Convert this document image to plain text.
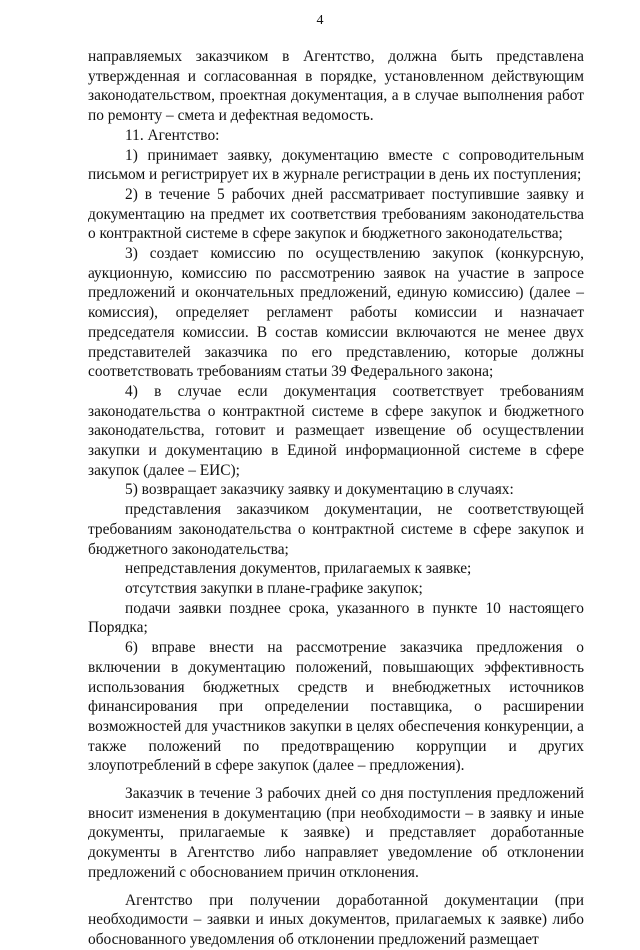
4

направляемых заказчиком в Агентство, должна быть представлена утвержденная и согласованная в порядке, установленном действующим законодательством, проектная документация, а в случае выполнения работ по ремонту – смета и дефектная ведомость.

11. Агентство:

1) принимает заявку, документацию вместе с сопроводительным письмом и регистрирует их в журнале регистрации в день их поступления;

2) в течение 5 рабочих дней рассматривает поступившие заявку и документацию на предмет их соответствия требованиям законодательства о контрактной системе в сфере закупок и бюджетного законодательства;

3) создает комиссию по осуществлению закупок (конкурсную, аукционную, комиссию по рассмотрению заявок на участие в запросе предложений и окончательных предложений, единую комиссию) (далее – комиссия), определяет регламент работы комиссии и назначает председателя комиссии. В состав комиссии включаются не менее двух представителей заказчика по его представлению, которые должны соответствовать требованиям статьи 39 Федерального закона;

4) в случае если документация соответствует требованиям законодательства о контрактной системе в сфере закупок и бюджетного законодательства, готовит и размещает извещение об осуществлении закупки и документацию в Единой информационной системе в сфере закупок (далее – ЕИС);

5) возвращает заказчику заявку и документацию в случаях:

представления заказчиком документации, не соответствующей требованиям законодательства о контрактной системе в сфере закупок и бюджетного законодательства;

непредставления документов, прилагаемых к заявке;

отсутствия закупки в плане-графике закупок;

подачи заявки позднее срока, указанного в пункте 10 настоящего Порядка;

6) вправе внести на рассмотрение заказчика предложения о включении в документацию положений, повышающих эффективность использования бюджетных средств и внебюджетных источников финансирования при определении поставщика, о расширении возможностей для участников закупки в целях обеспечения конкуренции, а также положений по предотвращению коррупции и других злоупотреблений в сфере закупок (далее – предложения).

Заказчик в течение 3 рабочих дней со дня поступления предложений вносит изменения в документацию (при необходимости – в заявку и иные документы, прилагаемые к заявке) и представляет доработанные документы в Агентство либо направляет уведомление об отклонении предложений с обоснованием причин отклонения.

Агентство при получении доработанной документации (при необходимости – заявки и иных документов, прилагаемых к заявке) либо обоснованного уведомления об отклонении предложений размещает
